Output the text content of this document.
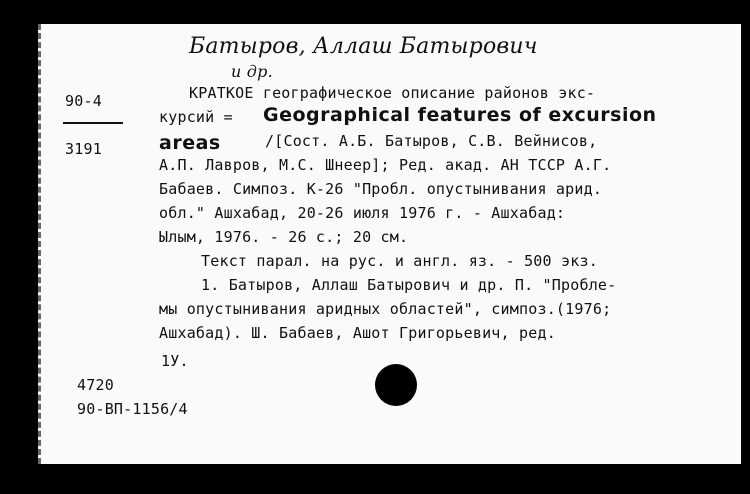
Батыров, Аллаш Батырович
и др.
90-4
3191
КРАТКОЕ географическое описание районов экс-
курсий = Geographical features of excursion
areas	/[Сост. А.Б. Батыров, С.В. Вейнисов,
А.П. Лавров, М.С. Шнеер]; Ред. акад. АН ТССР А.Г.
Бабаев. Симпоз. К-26 "Пробл. опустынивания арид.
обл." Ашхабад, 20-26 июля 1976 г. - Ашхабад:
Ылым, 1976. - 26 с.; 20 см.
Текст парал. на рус. и англ. яз. - 500 экз.
1. Батыров, Аллаш Батырович и др. П. "Пробле-
мы опустынивания аридных областей", симпоз.(1976;
Ашхабад). Ш. Бабаев, Ашот Григорьевич, ред.
1У.
4720
90-ВП-1156/4
